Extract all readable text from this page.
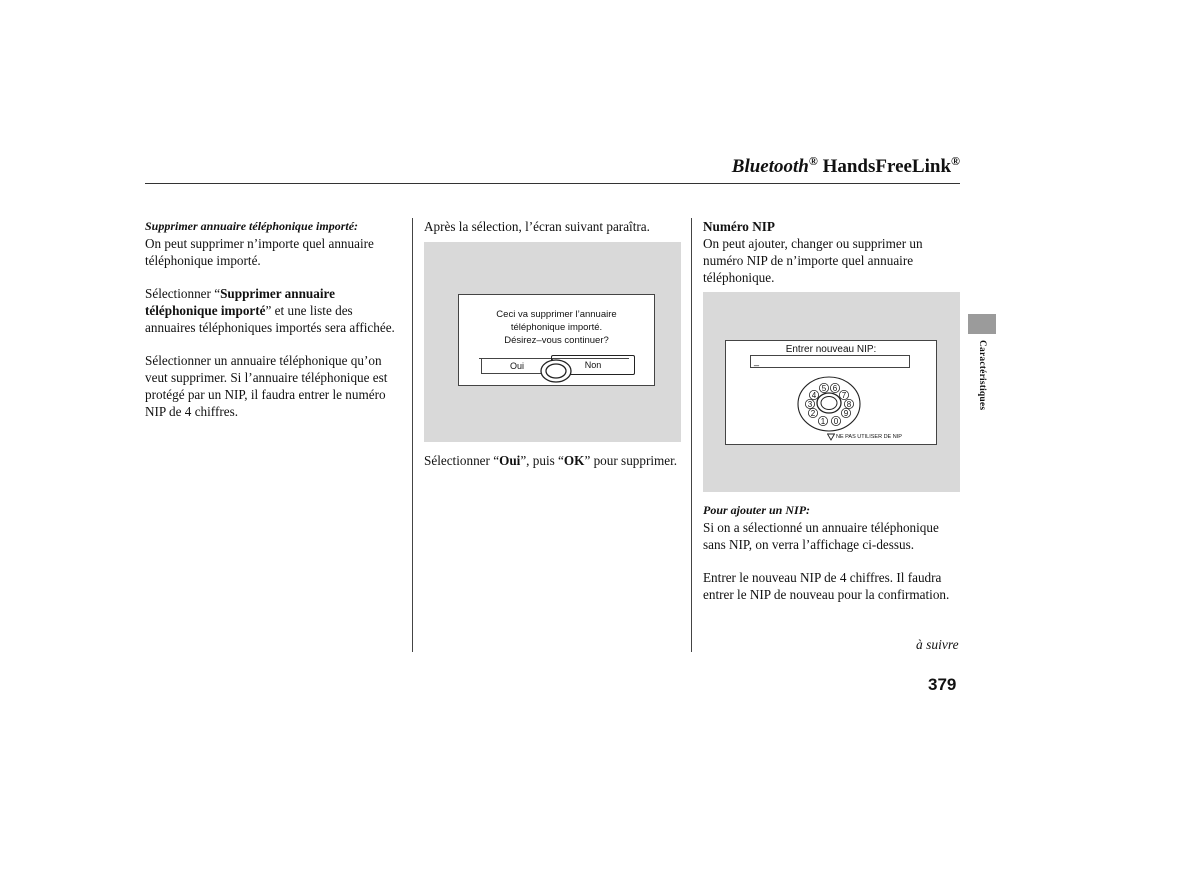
Bluetooth® HandsFreeLink®
Supprimer annuaire téléphonique importé:

On peut supprimer n’importe quel annuaire téléphonique importé.

Sélectionner “Supprimer annuaire téléphonique importé” et une liste des annuaires téléphoniques importés sera affichée.

Sélectionner un annuaire téléphonique qu’on veut supprimer. Si l’annuaire téléphonique est protégé par un NIP, il faudra entrer le numéro NIP de 4 chiffres.

Après la sélection, l’écran suivant paraîtra.
Ceci va supprimer l’annuaire
téléphonique importé.
Désirez–vous continuer?
Oui	Non
Sélectionner “Oui”, puis “OK” pour supprimer.
Numéro NIP
On peut ajouter, changer ou supprimer un numéro NIP de n’importe quel annuaire téléphonique.
Entrer nouveau NIP:
_
5 6
7
8
9
0
1
2
3
4
NE PAS UTILISER DE NIP
Pour ajouter un NIP:

Si on a sélectionné un annuaire téléphonique sans NIP, on verra l’affichage ci-dessus.

Entrer le nouveau NIP de 4 chiffres. Il faudra entrer le NIP de nouveau pour la confirmation.

à suivre
Caractéristiques
379
